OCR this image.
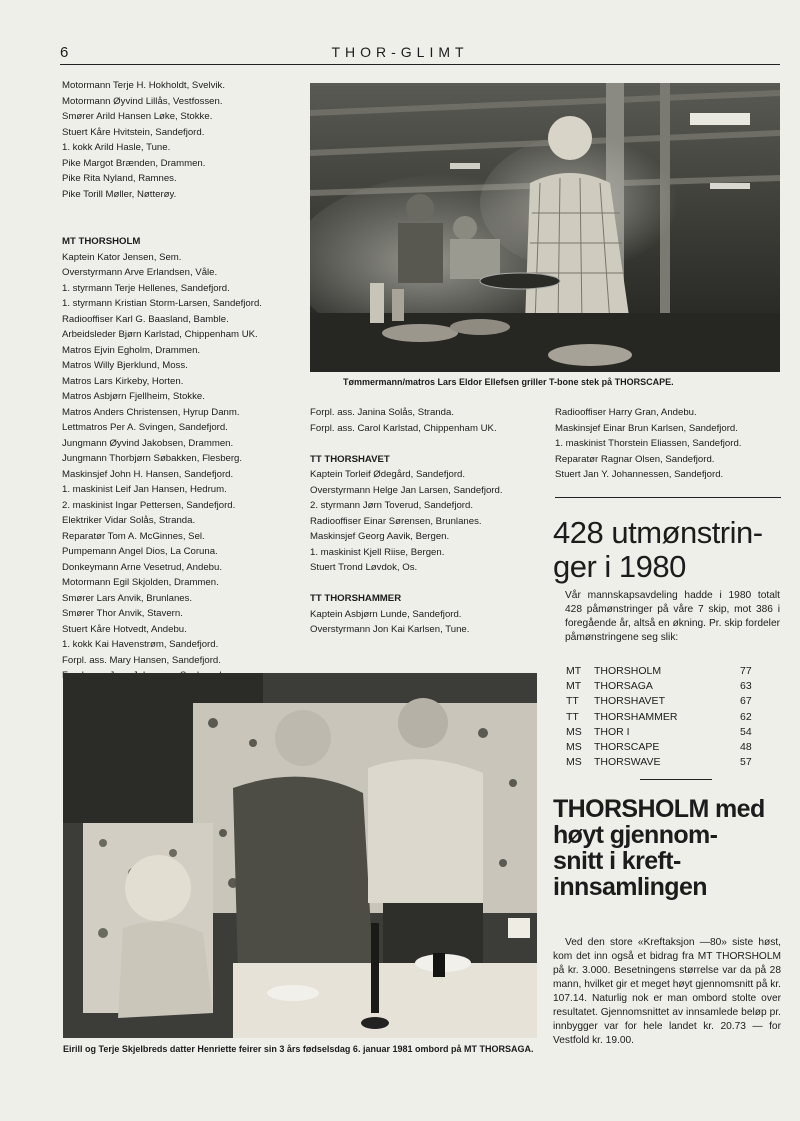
6	THOR-GLIMT
Motormann Terje H. Hokholdt, Svelvik.
Motormann Øyvind Lillås, Vestfossen.
Smører Arild Hansen Løke, Stokke.
Stuert Kåre Hvitstein, Sandefjord.
1. kokk Arild Hasle, Tune.
Pike Margot Brænden, Drammen.
Pike Rita Nyland, Ramnes.
Pike Torill Møller, Nøtterøy.
MT THORSHOLM
Kaptein Kator Jensen, Sem.
Overstyrmann Arve Erlandsen, Våle.
1. styrmann Terje Hellenes, Sandefjord.
1. styrmann Kristian Storm-Larsen, Sandefjord.
Radiooffiser Karl G. Baasland, Bamble.
Arbeidsleder Bjørn Karlstad, Chippenham UK.
Matros Ejvin Egholm, Drammen.
Matros Willy Bjerklund, Moss.
Matros Lars Kirkeby, Horten.
Matros Asbjørn Fjellheim, Stokke.
Matros Anders Christensen, Hyrup Danm.
Lettmatros Per A. Svingen, Sandefjord.
Jungmann Øyvind Jakobsen, Drammen.
Jungmann Thorbjørn Søbakken, Flesberg.
Maskinsjef John H. Hansen, Sandefjord.
1. maskinist Leif Jan Hansen, Hedrum.
2. maskinist Ingar Pettersen, Sandefjord.
Elektriker Vidar Solås, Stranda.
Reparatør Tom A. McGinnes, Sel.
Pumpemann Angel Dios, La Coruna.
Donkeymann Arne Vesetrud, Andebu.
Motormann Egil Skjolden, Drammen.
Smører Lars Anvik, Brunlanes.
Smører Thor Anvik, Stavern.
Stuert Kåre Hotvedt, Andebu.
1. kokk Kai Havenstrøm, Sandefjord.
Forpl. ass. Mary Hansen, Sandefjord.
Tømmermann/matros Lars Eldor Ellefsen griller T-bone stek på THORSCAPE.
Forpl. ass. Janina Solås, Stranda.
Forpl. ass. Carol Karlstad, Chippenham UK.
TT THORSHAVET
Kaptein Torleif Ødegård, Sandefjord.
Overstyrmann Helge Jan Larsen, Sandefjord.
2. styrmann Jørn Toverud, Sandefjord.
Radiooffiser Einar Sørensen, Brunlanes.
Maskinsjef Georg Aavik, Bergen.
1. maskinist Kjell Riise, Bergen.
Stuert Trond Løvdok, Os.
TT THORSHAMMER
Kaptein Asbjørn Lunde, Sandefjord.
Overstyrmann Jon Kai Karlsen, Tune.
Radiooffiser Harry Gran, Andebu.
Maskinsjef Einar Brun Karlsen, Sandefjord.
1. maskinist Thorstein Eliassen, Sandefjord.
Reparatør Ragnar Olsen, Sandefjord.
Stuert Jan Y. Johannessen, Sandefjord.
428 utmønstrin-
ger i 1980
Vår mannskapsavdeling hadde i 1980 totalt 428 påmønstringer på våre 7 skip, mot 386 i foregående år, altså en økning. Pr. skip fordeler påmønstringene seg slik:
MT	THORSHOLM	77
MT	THORSAGA	63
TT	THORSHAVET	67
TT	THORSHAMMER	62
MS	THOR I	54
MS	THORSCAPE	48
MS	THORSWAVE	57
THORSHOLM med
høyt gjennom-
snitt i kreft-
innsamlingen
Ved den store «Kreftaksjon —80» siste høst, kom det inn også et bidrag fra MT THORSHOLM på kr. 3.000. Besetningens størrelse var da på 28 mann, hvilket gir et meget høyt gjennomsnitt på kr. 107.14. Naturlig nok er man ombord stolte over resultatet. Gjennomsnittet av innsamlede beløp pr. innbygger var for hele landet kr. 20.73 — for Vestfold kr. 19.00.
Eirill og Terje Skjelbreds datter Henriette feirer sin 3 års fødselsdag 6. januar 1981 ombord på MT THORSAGA.
